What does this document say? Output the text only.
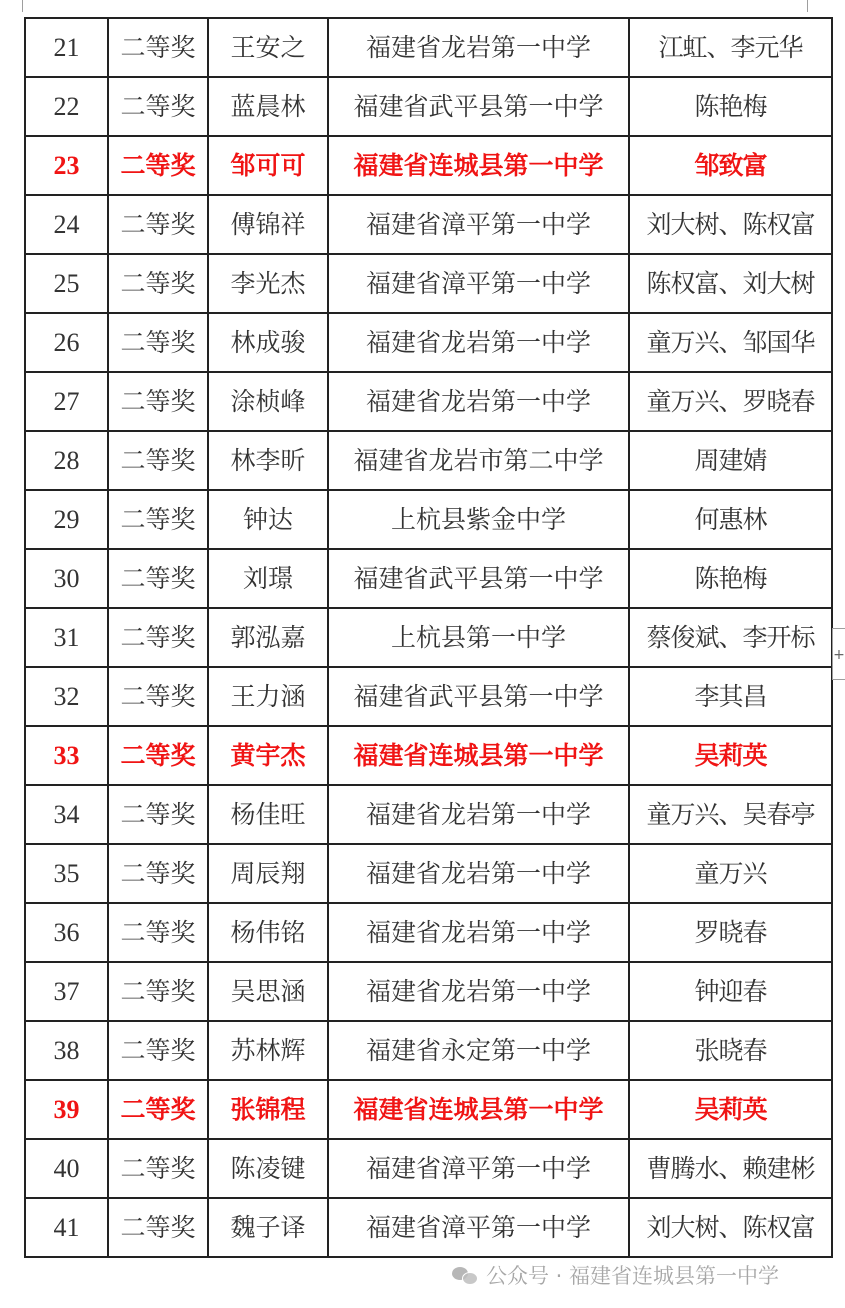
21	二等奖	王安之	福建省龙岩第一中学	江虹、李元华
22	二等奖	蓝晨林	福建省武平县第一中学	陈艳梅
23	二等奖	邹可可	福建省连城县第一中学	邹致富
24	二等奖	傅锦祥	福建省漳平第一中学	刘大树、陈权富
25	二等奖	李光杰	福建省漳平第一中学	陈权富、刘大树
26	二等奖	林成骏	福建省龙岩第一中学	童万兴、邹国华
27	二等奖	涂桢峰	福建省龙岩第一中学	童万兴、罗晓春
28	二等奖	林李昕	福建省龙岩市第二中学	周建婧
29	二等奖	钟达	上杭县紫金中学	何惠林
30	二等奖	刘璟	福建省武平县第一中学	陈艳梅
31	二等奖	郭泓嘉	上杭县第一中学	蔡俊斌、李开标
32	二等奖	王力涵	福建省武平县第一中学	李其昌
33	二等奖	黄宇杰	福建省连城县第一中学	吴莉英
34	二等奖	杨佳旺	福建省龙岩第一中学	童万兴、吴春亭
35	二等奖	周辰翔	福建省龙岩第一中学	童万兴
36	二等奖	杨伟铭	福建省龙岩第一中学	罗晓春
37	二等奖	吴思涵	福建省龙岩第一中学	钟迎春
38	二等奖	苏林辉	福建省永定第一中学	张晓春
39	二等奖	张锦程	福建省连城县第一中学	吴莉英
40	二等奖	陈凌键	福建省漳平第一中学	曹腾水、赖建彬
41	二等奖	魏子译	福建省漳平第一中学	刘大树、陈权富
+
公众号 · 福建省连城县第一中学
